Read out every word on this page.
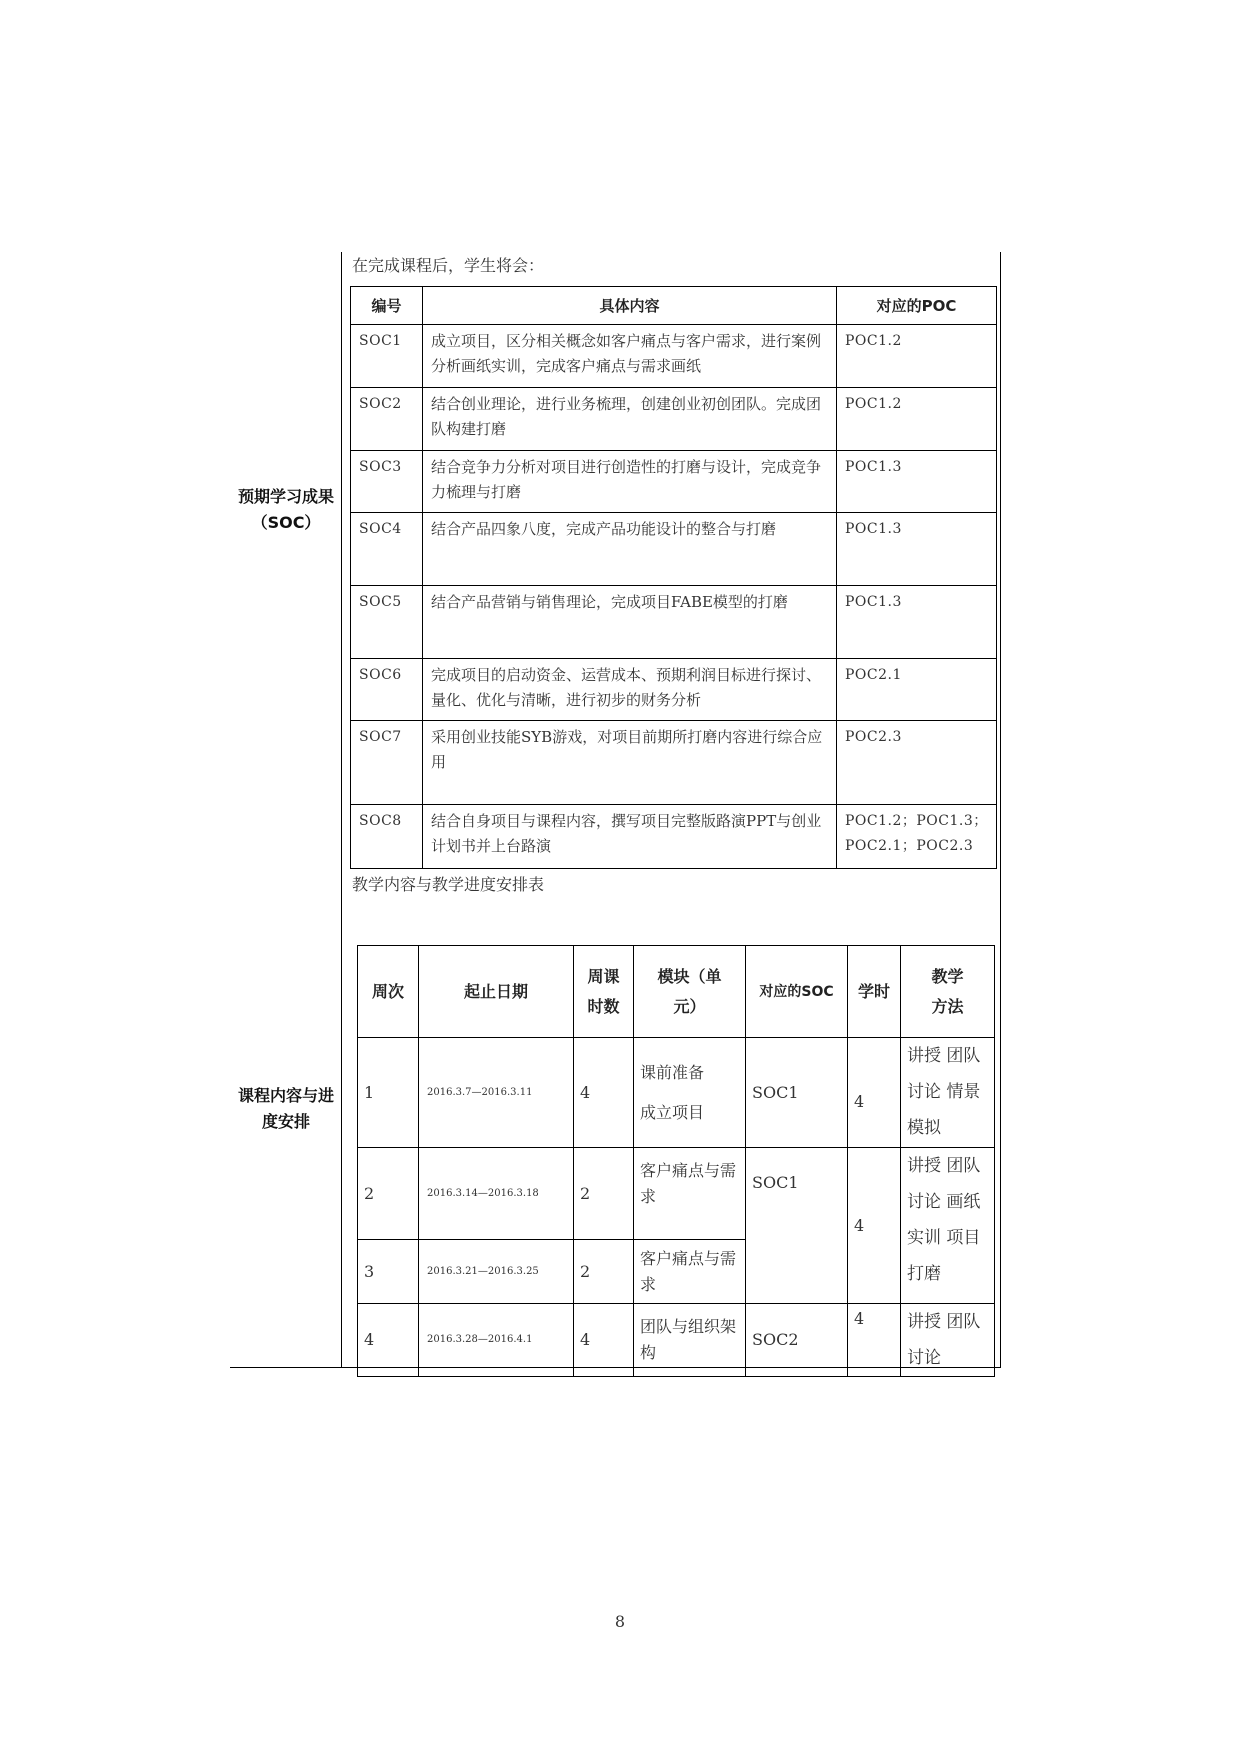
预期学习成果（SOC）
课程内容与进度安排
在完成课程后，学生将会：
编号	具体内容	对应的POC
SOC1	成立项目，区分相关概念如客户痛点与客户需求，进行案例分析画纸实训，完成客户痛点与需求画纸	POC1.2
SOC2	结合创业理论，进行业务梳理，创建创业初创团队。完成团队构建打磨	POC1.2
SOC3	结合竞争力分析对项目进行创造性的打磨与设计，完成竞争力梳理与打磨	POC1.3
SOC4	结合产品四象八度，完成产品功能设计的整合与打磨	POC1.3
SOC5	结合产品营销与销售理论，完成项目FABE模型的打磨	POC1.3
SOC6	完成项目的启动资金、运营成本、预期利润目标进行探讨、量化、优化与清晰，进行初步的财务分析	POC2.1
SOC7	采用创业技能SYB游戏，对项目前期所打磨内容进行综合应用	POC2.3
SOC8	结合自身项目与课程内容，撰写项目完整版路演PPT与创业计划书并上台路演	POC1.2；POC1.3；POC2.1；POC2.3
教学内容与教学进度安排表
周次	起止日期	周课时数	模块（单元）	对应的SOC	学时	教学方法
1	2016.3.7—2016.3.11	4	课前准备 成立项目	SOC1	4	讲授 团队讨论 情景模拟
2	2016.3.14—2016.3.18	2	客户痛点与需求	SOC1	4	讲授 团队讨论 画纸实训 项目打磨
3	2016.3.21—2016.3.25	2	客户痛点与需求			
4	2016.3.28—2016.4.1	4	团队与组织架构	SOC2	4	讲授 团队讨论
8
